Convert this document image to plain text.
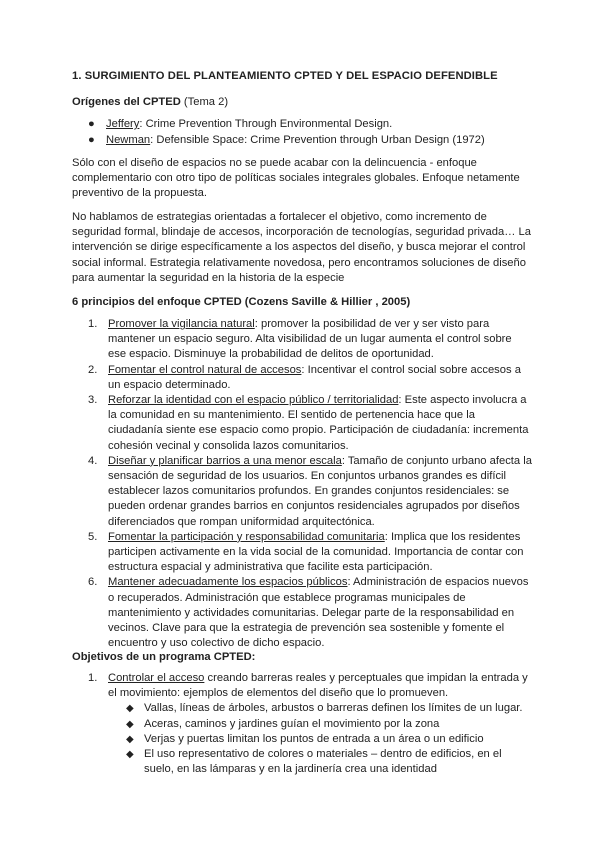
1. SURGIMIENTO DEL PLANTEAMIENTO CPTED Y DEL ESPACIO DEFENDIBLE
Orígenes del CPTED (Tema 2)
● Jeffery: Crime Prevention Through Environmental Design.
● Newman: Defensible Space: Crime Prevention through Urban Design (1972)
Sólo con el diseño de espacios no se puede acabar con la delincuencia - enfoque complementario con otro tipo de políticas sociales integrales globales. Enfoque netamente preventivo de la propuesta.
No hablamos de estrategias orientadas a fortalecer el objetivo, como incremento de seguridad formal, blindaje de accesos, incorporación de tecnologías, seguridad privada… La intervención se dirige específicamente a los aspectos del diseño, y busca mejorar el control social informal. Estrategia relativamente novedosa, pero encontramos soluciones de diseño para aumentar la seguridad en la historia de la especie
6 principios del enfoque CPTED (Cozens Saville & Hillier , 2005)
1. Promover la vigilancia natural: promover la posibilidad de ver y ser visto para mantener un espacio seguro. Alta visibilidad de un lugar aumenta el control sobre ese espacio. Disminuye la probabilidad de delitos de oportunidad.
2. Fomentar el control natural de accesos: Incentivar el control social sobre accesos a un espacio determinado.
3. Reforzar la identidad con el espacio público / territorialidad: Este aspecto involucra a la comunidad en su mantenimiento. El sentido de pertenencia hace que la ciudadanía siente ese espacio como propio. Participación de ciudadanía: incrementa cohesión vecinal y consolida lazos comunitarios.
4. Diseñar y planificar barrios a una menor escala: Tamaño de conjunto urbano afecta la sensación de seguridad de los usuarios. En conjuntos urbanos grandes es difícil establecer lazos comunitarios profundos. En grandes conjuntos residenciales: se pueden ordenar grandes barrios en conjuntos residenciales agrupados por diseños diferenciados que rompan uniformidad arquitectónica.
5. Fomentar la participación y responsabilidad comunitaria: Implica que los residentes participen activamente en la vida social de la comunidad. Importancia de contar con estructura espacial y administrativa que facilite esta participación.
6. Mantener adecuadamente los espacios públicos: Administración de espacios nuevos o recuperados. Administración que establece programas municipales de mantenimiento y actividades comunitarias. Delegar parte de la responsabilidad en vecinos. Clave para que la estrategia de prevención sea sostenible y fomente el encuentro y uso colectivo de dicho espacio.
Objetivos de un programa CPTED:
1. Controlar el acceso creando barreras reales y perceptuales que impidan la entrada y el movimiento: ejemplos de elementos del diseño que lo promueven.
◆ Vallas, líneas de árboles, arbustos o barreras definen los límites de un lugar.
◆ Aceras, caminos y jardines guían el movimiento por la zona
◆ Verjas y puertas limitan los puntos de entrada a un área o un edificio
◆ El uso representativo de colores o materiales – dentro de edificios, en el suelo, en las lámparas y en la jardinería crea una identidad
